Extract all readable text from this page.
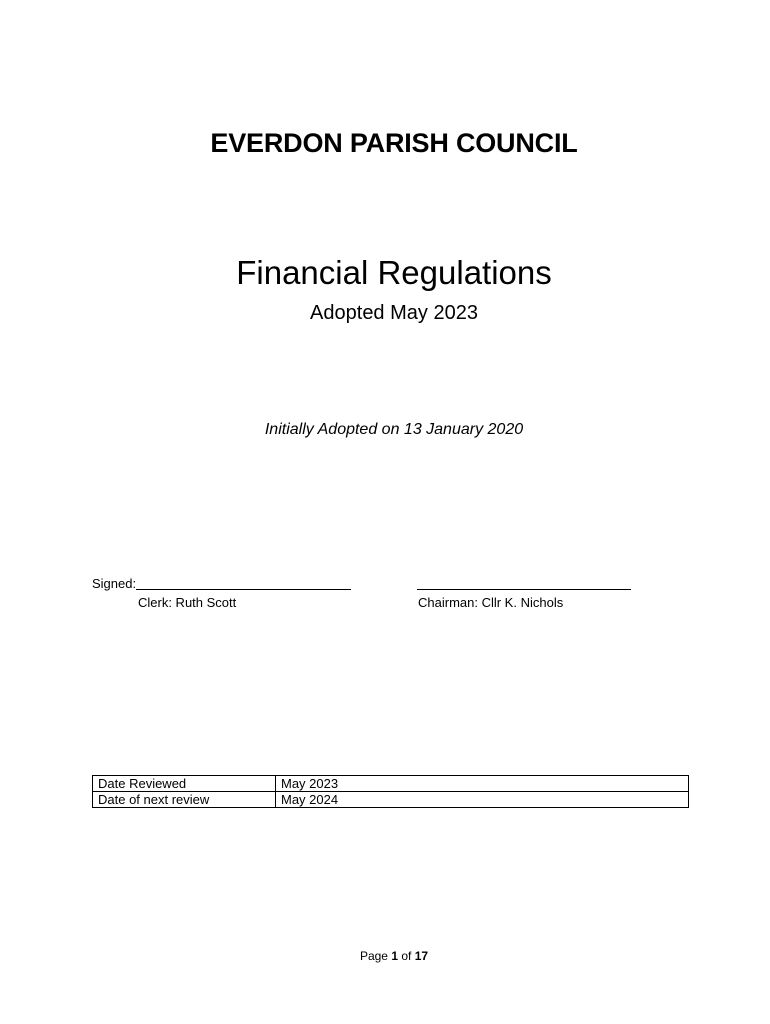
EVERDON PARISH COUNCIL
Financial Regulations
Adopted May 2023
Initially Adopted on 13 January 2020
Signed:
Clerk: Ruth Scott	Chairman: Cllr K. Nichols
Date Reviewed	May 2023
Date of next review	May 2024
Page 1 of 17
